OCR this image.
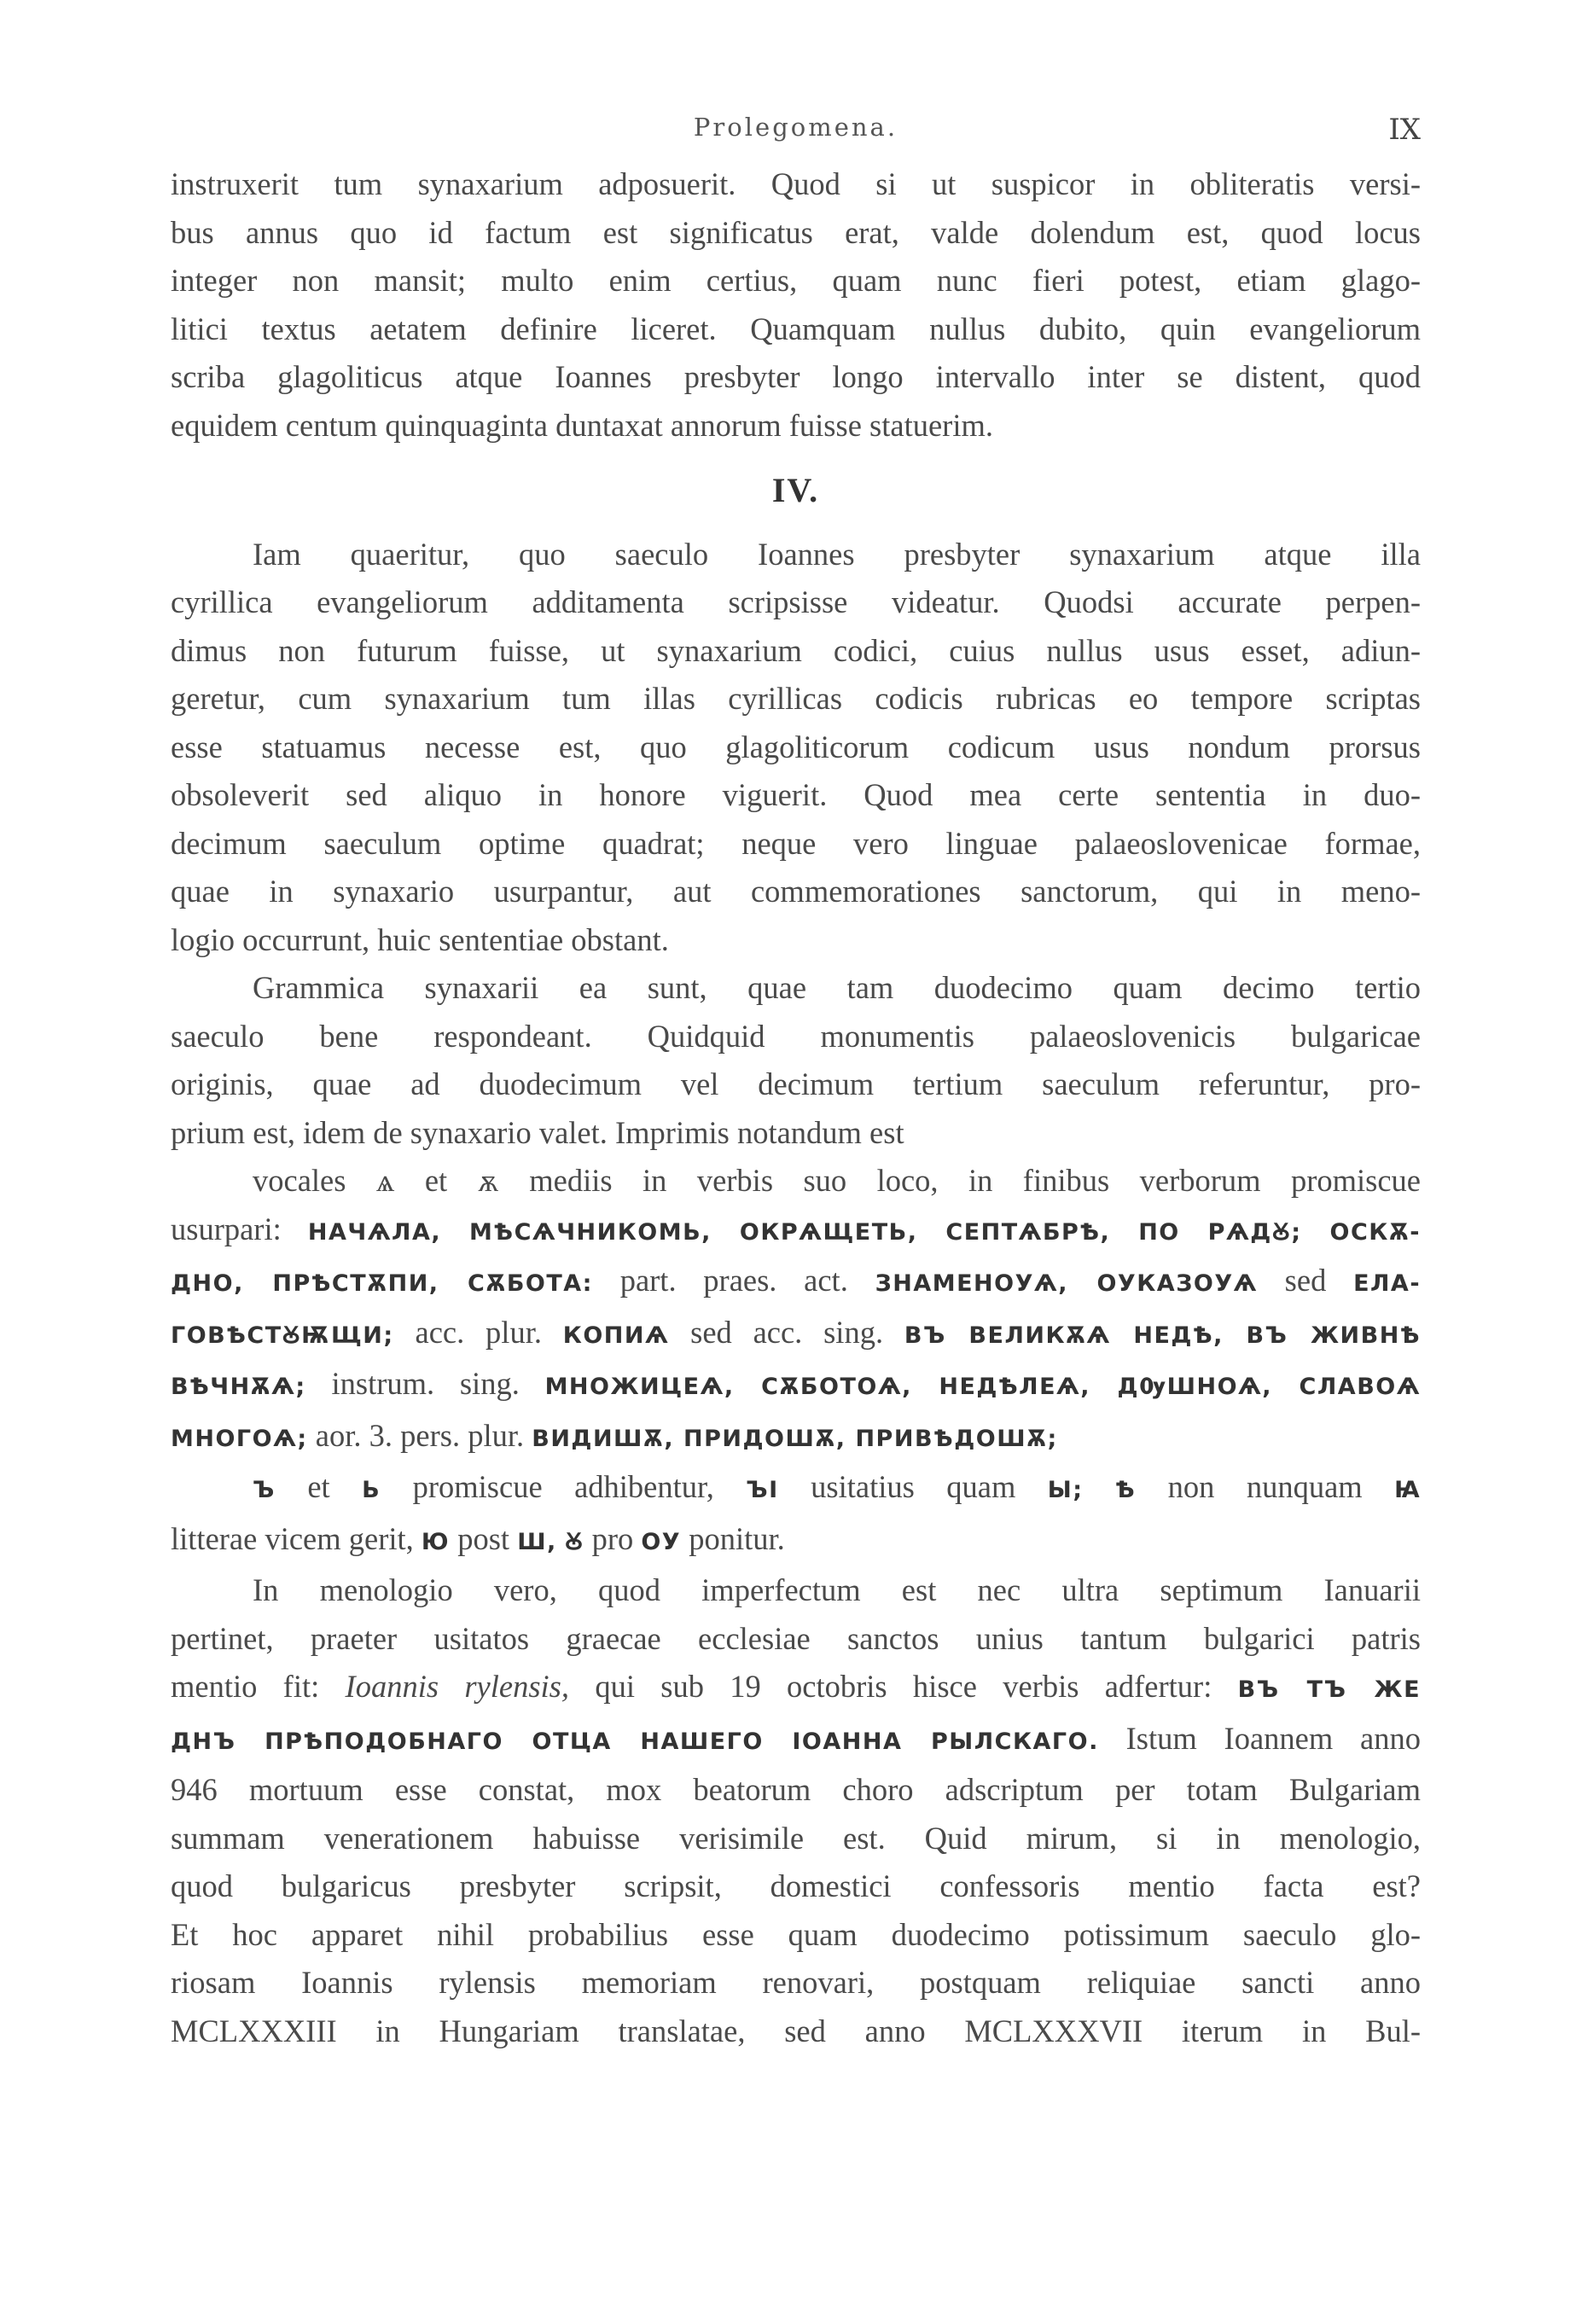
Prolegomena.	IX

instruxerit tum synaxarium adposuerit. Quod si ut suspicor in obliteratis versi-

bus annus quo id factum est significatus erat, valde dolendum est, quod locus

integer non mansit; multo enim certius, quam nunc fieri potest, etiam glago-

litici textus aetatem definire liceret. Quamquam nullus dubito, quin evangeliorum

scriba glagoliticus atque Ioannes presbyter longo intervallo inter se distent, quod

equidem centum quinquaginta duntaxat annorum fuisse statuerim.

IV.

Iam quaeritur, quo saeculo Ioannes presbyter synaxarium atque illa

cyrillica evangeliorum additamenta scripsisse videatur. Quodsi accurate perpen-

dimus non futurum fuisse, ut synaxarium codici, cuius nullus usus esset, adiun-

geretur, cum synaxarium tum illas cyrillicas codicis rubricas eo tempore scriptas

esse statuamus necesse est, quo glagoliticorum codicum usus nondum prorsus

obsoleverit sed aliquo in honore viguerit. Quod mea certe sententia in duo-

decimum saeculum optime quadrat; neque vero linguae palaeoslovenicae formae,

quae in synaxario usurpantur, aut commemorationes sanctorum, qui in meno-

logio occurrunt, huic sententiae obstant.

Grammica synaxarii ea sunt, quae tam duodecimo quam decimo tertio

saeculo bene respondeant. Quidquid monumentis palaeoslovenicis bulgaricae

originis, quae ad duodecimum vel decimum tertium saeculum referuntur, pro-

prium est, idem de synaxario valet. Imprimis notandum est

vocales ѧ et ѫ mediis in verbis suo loco, in finibus verborum promiscue

usurpari: НАЧѦЛА, МѢСѦЧНИКОМЬ, ОКРѦЩЕТЬ, СЕПТѦБРѢ, ПО РѦДꙊ; ОСКѪ-

ДНО, ПРѢСТѪПИ, СѪБОТА: part. praes. act. ЗНАМЕНОУѦ, ОУКАЗОУѦ sed ЕЛА-

ГОВѢСТꙊѬЩИ; acc. plur. КОПИѦ sed acc. sing. ВЪ ВЕЛИКѪѦ НЕДѢ, ВЪ ЖИВНѢ

ВѢЧНѪѦ; instrum. sing. МНОЖИЦЕѦ, СѪБОТОѦ, НЕДѢЛЕѦ, ДѸШНОѦ, СЛАВОѦ

МНОГОѦ; aor. 3. pers. plur. ВИДИШѪ, ПРИДОШѪ, ПРИВѢДОШѪ;

Ъ et Ь promiscue adhibentur, ЪІ usitatius quam Ы; Ѣ non nunquam Ꙗ

litterae vicem gerit, Ю post Ш, Ꙋ pro ОУ ponitur.

In menologio vero, quod imperfectum est nec ultra septimum Ianuarii

pertinet, praeter usitatos graecae ecclesiae sanctos unius tantum bulgarici patris

mentio fit: Ioannis rylensis, qui sub 19 octobris hisce verbis adfertur: ВЪ ТЪ ЖЕ

ДНЪ ПРѢПОДОБНАГО ОТЦА НАШЕГО ІОАННА РЫЛСКАГО. Istum Ioannem anno

946 mortuum esse constat, mox beatorum choro adscriptum per totam Bulgariam

summam venerationem habuisse verisimile est. Quid mirum, si in menologio,

quod bulgaricus presbyter scripsit, domestici confessoris mentio facta est?

Et hoc apparet nihil probabilius esse quam duodecimo potissimum saeculo glo-

riosam Ioannis rylensis memoriam renovari, postquam reliquiae sancti anno

MCLXXXIII in Hungariam translatae, sed anno MCLXXXVII iterum in Bul-
